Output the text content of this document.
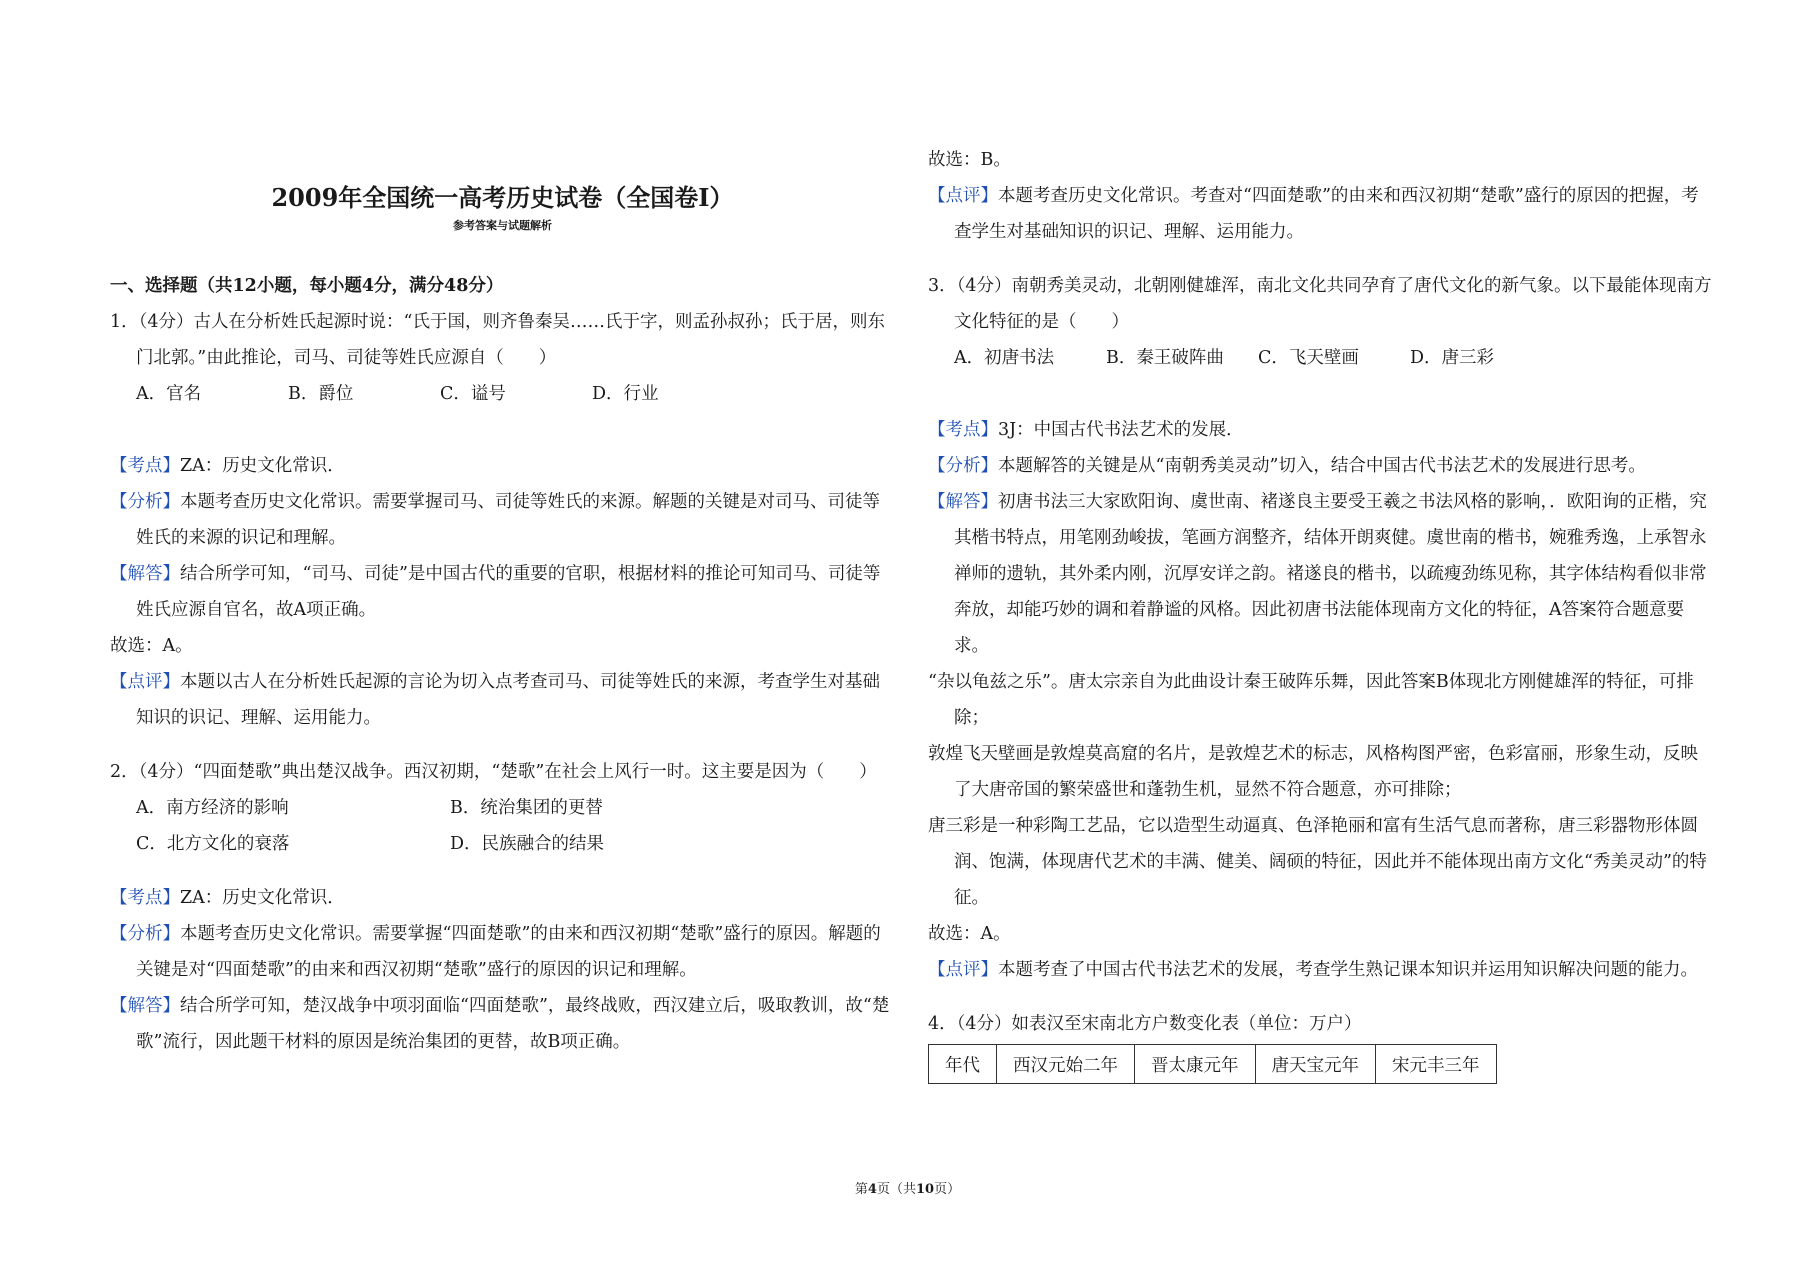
2009年全国统一高考历史试卷（全国卷I）
参考答案与试题解析
一、选择题（共12小题，每小题4分，满分48分）

1．（4分）古人在分析姓氏起源时说：“氏于国，则齐鲁秦吴……氏于字，则孟孙叔孙；氏于居，则东门北郭。”由此推论，司马、司徒等姓氏应源自（　　）

A．官名	B．爵位	C．谥号	D．行业

【考点】ZA：历史文化常识．

【分析】本题考查历史文化常识。需要掌握司马、司徒等姓氏的来源。解题的关键是对司马、司徒等姓氏的来源的识记和理解。

【解答】结合所学可知，“司马、司徒”是中国古代的重要的官职，根据材料的推论可知司马、司徒等姓氏应源自官名，故A项正确。

故选：A。

【点评】本题以古人在分析姓氏起源的言论为切入点考查司马、司徒等姓氏的来源，考查学生对基础知识的识记、理解、运用能力。

2．（4分）“四面楚歌”典出楚汉战争。西汉初期，“楚歌”在社会上风行一时。这主要是因为（　　）

A．南方经济的影响	B．统治集团的更替
C．北方文化的衰落	D．民族融合的结果

【考点】ZA：历史文化常识．

【分析】本题考查历史文化常识。需要掌握“四面楚歌”的由来和西汉初期“楚歌”盛行的原因。解题的关键是对“四面楚歌”的由来和西汉初期“楚歌”盛行的原因的识记和理解。

【解答】结合所学可知，楚汉战争中项羽面临“四面楚歌”，最终战败，西汉建立后，吸取教训，故“楚歌”流行，因此题干材料的原因是统治集团的更替，故B项正确。

故选：B。

【点评】本题考查历史文化常识。考查对“四面楚歌”的由来和西汉初期“楚歌”盛行的原因的把握，考查学生对基础知识的识记、理解、运用能力。

3．（4分）南朝秀美灵动，北朝刚健雄浑，南北文化共同孕育了唐代文化的新气象。以下最能体现南方文化特征的是（　　）

A．初唐书法	B．秦王破阵曲	C．飞天壁画	D．唐三彩

【考点】3J：中国古代书法艺术的发展．

【分析】本题解答的关键是从“南朝秀美灵动”切入，结合中国古代书法艺术的发展进行思考。

【解答】初唐书法三大家欧阳询、虞世南、褚遂良主要受王羲之书法风格的影响，．欧阳询的正楷，究其楷书特点，用笔刚劲峻拔，笔画方润整齐，结体开朗爽健。虞世南的楷书，婉雅秀逸，上承智永禅师的遗轨，其外柔内刚，沉厚安详之韵。褚遂良的楷书，以疏瘦劲练见称，其字体结构看似非常奔放，却能巧妙的调和着静谧的风格。因此初唐书法能体现南方文化的特征，A答案符合题意要求。

“杂以龟兹之乐”。唐太宗亲自为此曲设计秦王破阵乐舞，因此答案B体现北方刚健雄浑的特征，可排除；

敦煌飞天壁画是敦煌莫高窟的名片，是敦煌艺术的标志，风格构图严密，色彩富丽，形象生动，反映了大唐帝国的繁荣盛世和蓬勃生机，显然不符合题意，亦可排除；

唐三彩是一种彩陶工艺品，它以造型生动逼真、色泽艳丽和富有生活气息而著称，唐三彩器物形体圆润、饱满，体现唐代艺术的丰满、健美、阔硕的特征，因此并不能体现出南方文化“秀美灵动”的特征。

故选：A。

【点评】本题考查了中国古代书法艺术的发展，考查学生熟记课本知识并运用知识解决问题的能力。

4．（4分）如表汉至宋南北方户数变化表（单位：万户）

年代	西汉元始二年	晋太康元年	唐天宝元年	宋元丰三年
第4页（共10页）
